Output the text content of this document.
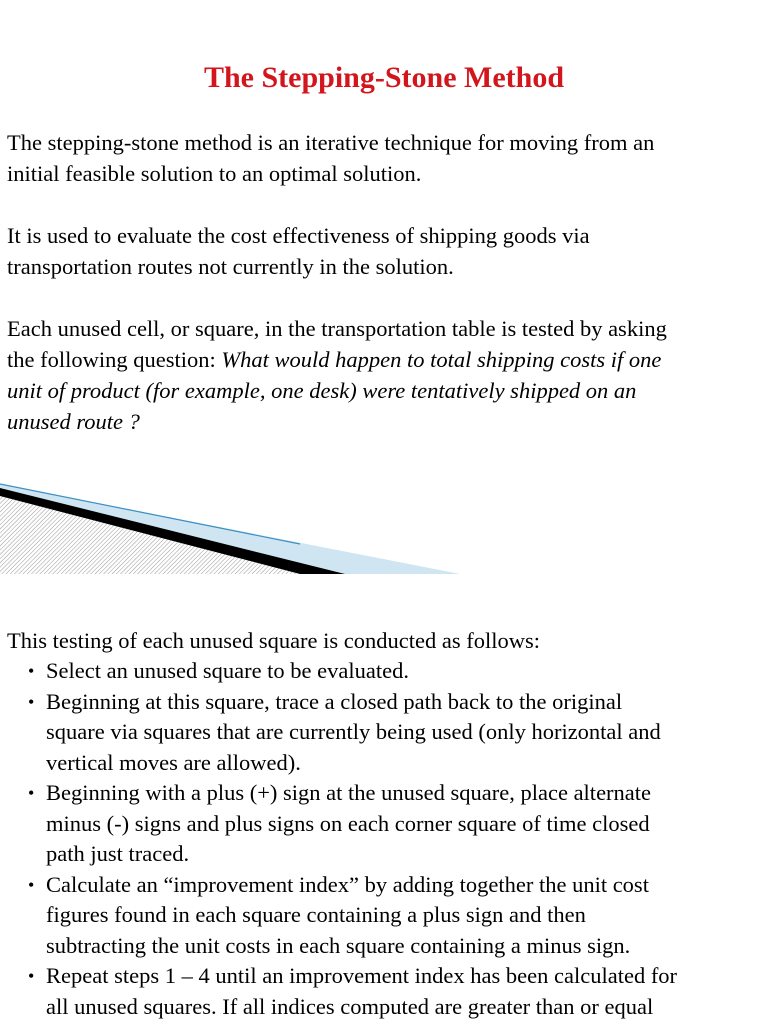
The Stepping-Stone Method

The stepping-stone method is an iterative technique for moving from an
initial feasible solution to an optimal solution.

It is used to evaluate the cost effectiveness of shipping goods via
transportation routes not currently in the solution.

Each unused cell, or square, in the transportation table is tested by asking
the following question: What would happen to total shipping costs if one
unit of product (for example, one desk) were tentatively shipped on an
unused route ?

This testing of each unused square is conducted as follows:

• Select an unused square to be evaluated.
• Beginning at this square, trace a closed path back to the original
square via squares that are currently being used (only horizontal and
vertical moves are allowed).
• Beginning with a plus (+) sign at the unused square, place alternate
minus (-) signs and plus signs on each corner square of time closed
path just traced.
• Calculate an “improvement index” by adding together the unit cost
figures found in each square containing a plus sign and then
subtracting the unit costs in each square containing a minus sign.
• Repeat steps 1 – 4 until an improvement index has been calculated for
all unused squares. If all indices computed are greater than or equal
